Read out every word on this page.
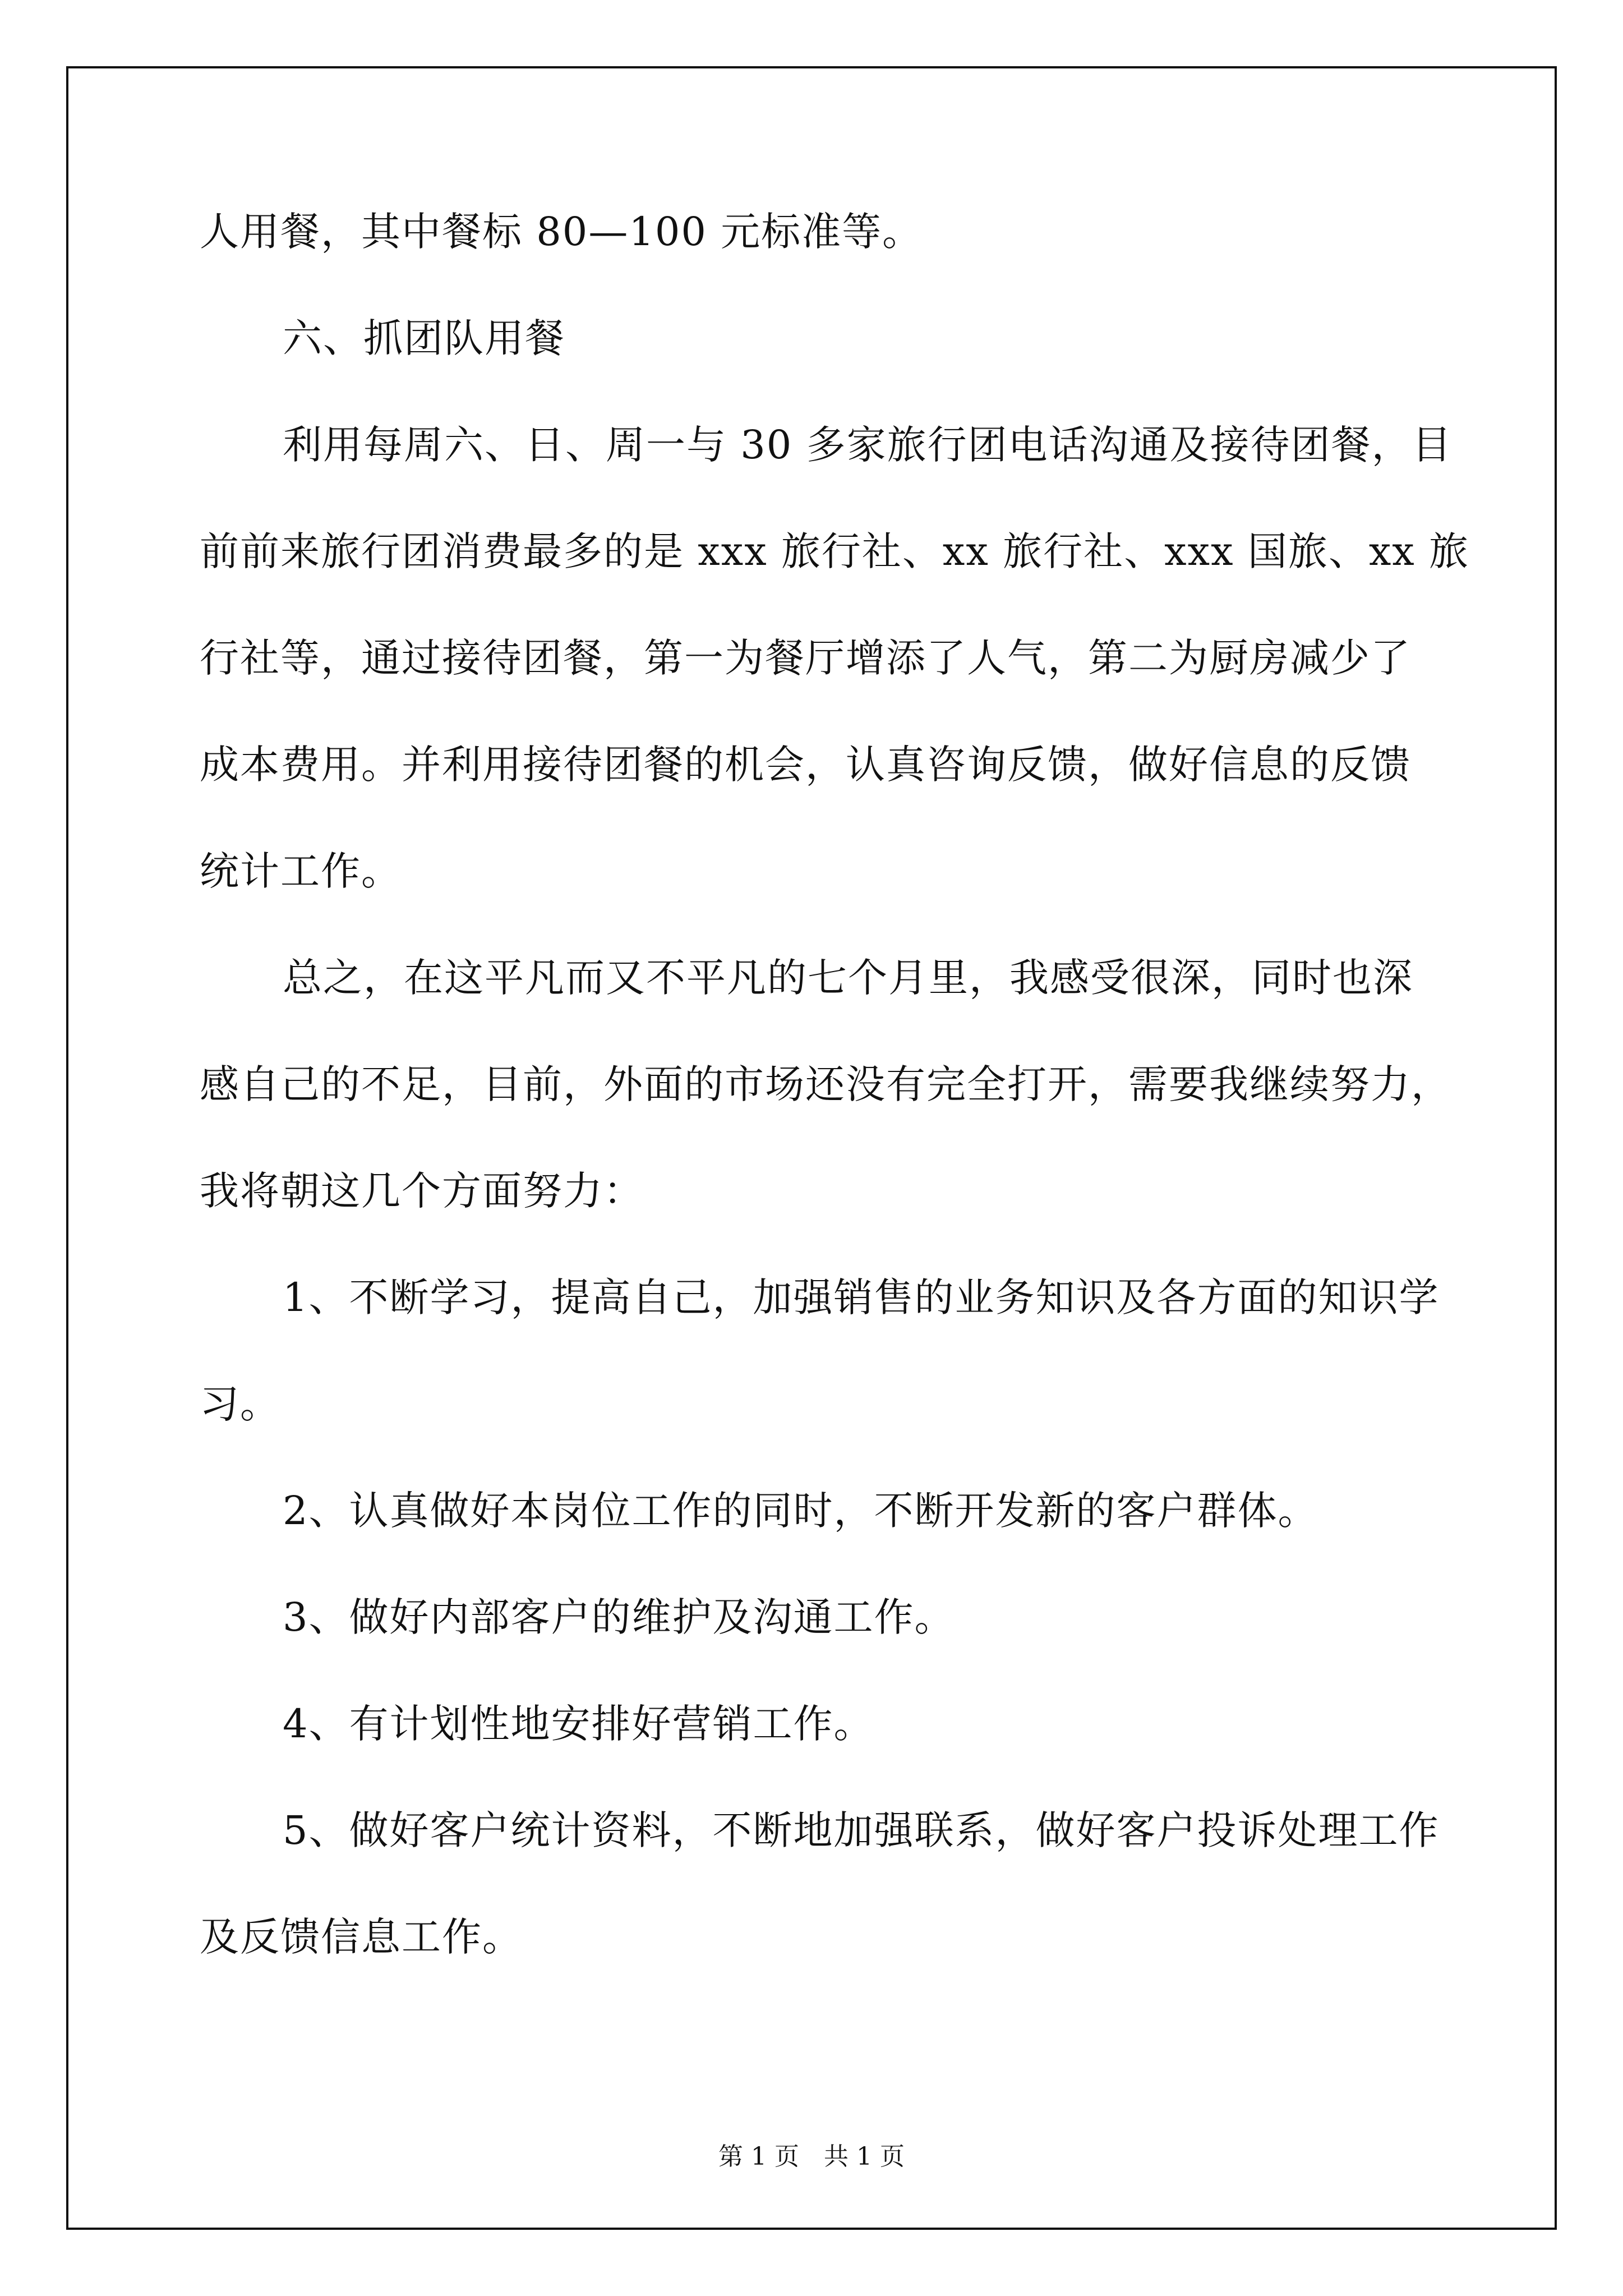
人用餐，其中餐标 80—100 元标准等。
六、抓团队用餐
利用每周六、日、周一与 30 多家旅行团电话沟通及接待团餐，目
前前来旅行团消费最多的是 xxx 旅行社、xx 旅行社、xxx 国旅、xx 旅
行社等，通过接待团餐，第一为餐厅增添了人气，第二为厨房减少了
成本费用。并利用接待团餐的机会，认真咨询反馈，做好信息的反馈
统计工作。
总之，在这平凡而又不平凡的七个月里，我感受很深，同时也深
感自己的不足，目前，外面的市场还没有完全打开，需要我继续努力，
我将朝这几个方面努力：
1、不断学习，提高自己，加强销售的业务知识及各方面的知识学
习。
2、认真做好本岗位工作的同时，不断开发新的客户群体。
3、做好内部客户的维护及沟通工作。
4、有计划性地安排好营销工作。
5、做好客户统计资料，不断地加强联系，做好客户投诉处理工作
及反馈信息工作。
第 1 页　共 1 页
